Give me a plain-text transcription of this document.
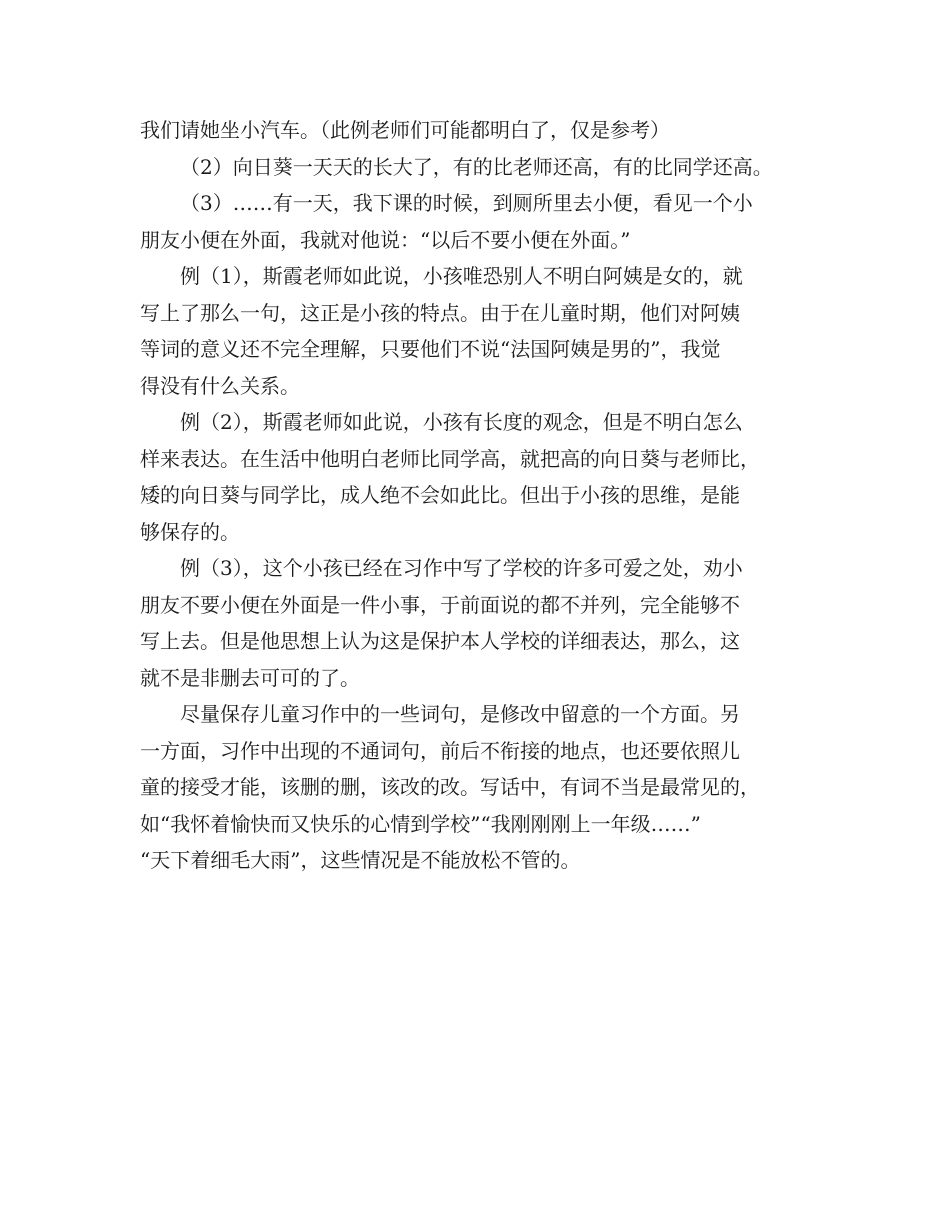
我们请她坐小汽车。（此例老师们可能都明白了，仅是参考）
（2）向日葵一天天的长大了，有的比老师还高，有的比同学还高。
（3）……有一天，我下课的时候，到厕所里去小便，看见一个小
朋友小便在外面，我就对他说：“以后不要小便在外面。”
例（1），斯霞老师如此说，小孩唯恐别人不明白阿姨是女的，就
写上了那么一句，这正是小孩的特点。由于在儿童时期，他们对阿姨
等词的意义还不完全理解，只要他们不说“法国阿姨是男的”，我觉
得没有什么关系。
例（2），斯霞老师如此说，小孩有长度的观念，但是不明白怎么
样来表达。在生活中他明白老师比同学高，就把高的向日葵与老师比，
矮的向日葵与同学比，成人绝不会如此比。但出于小孩的思维，是能
够保存的。
例（3），这个小孩已经在习作中写了学校的许多可爱之处，劝小
朋友不要小便在外面是一件小事，于前面说的都不并列，完全能够不
写上去。但是他思想上认为这是保护本人学校的详细表达，那么，这
就不是非删去可可的了。
尽量保存儿童习作中的一些词句，是修改中留意的一个方面。另
一方面，习作中出现的不通词句，前后不衔接的地点，也还要依照儿
童的接受才能，该删的删，该改的改。写话中，有词不当是最常见的，
如“我怀着愉快而又快乐的心情到学校”“我刚刚刚上一年级……”
“天下着细毛大雨”，这些情况是不能放松不管的。
